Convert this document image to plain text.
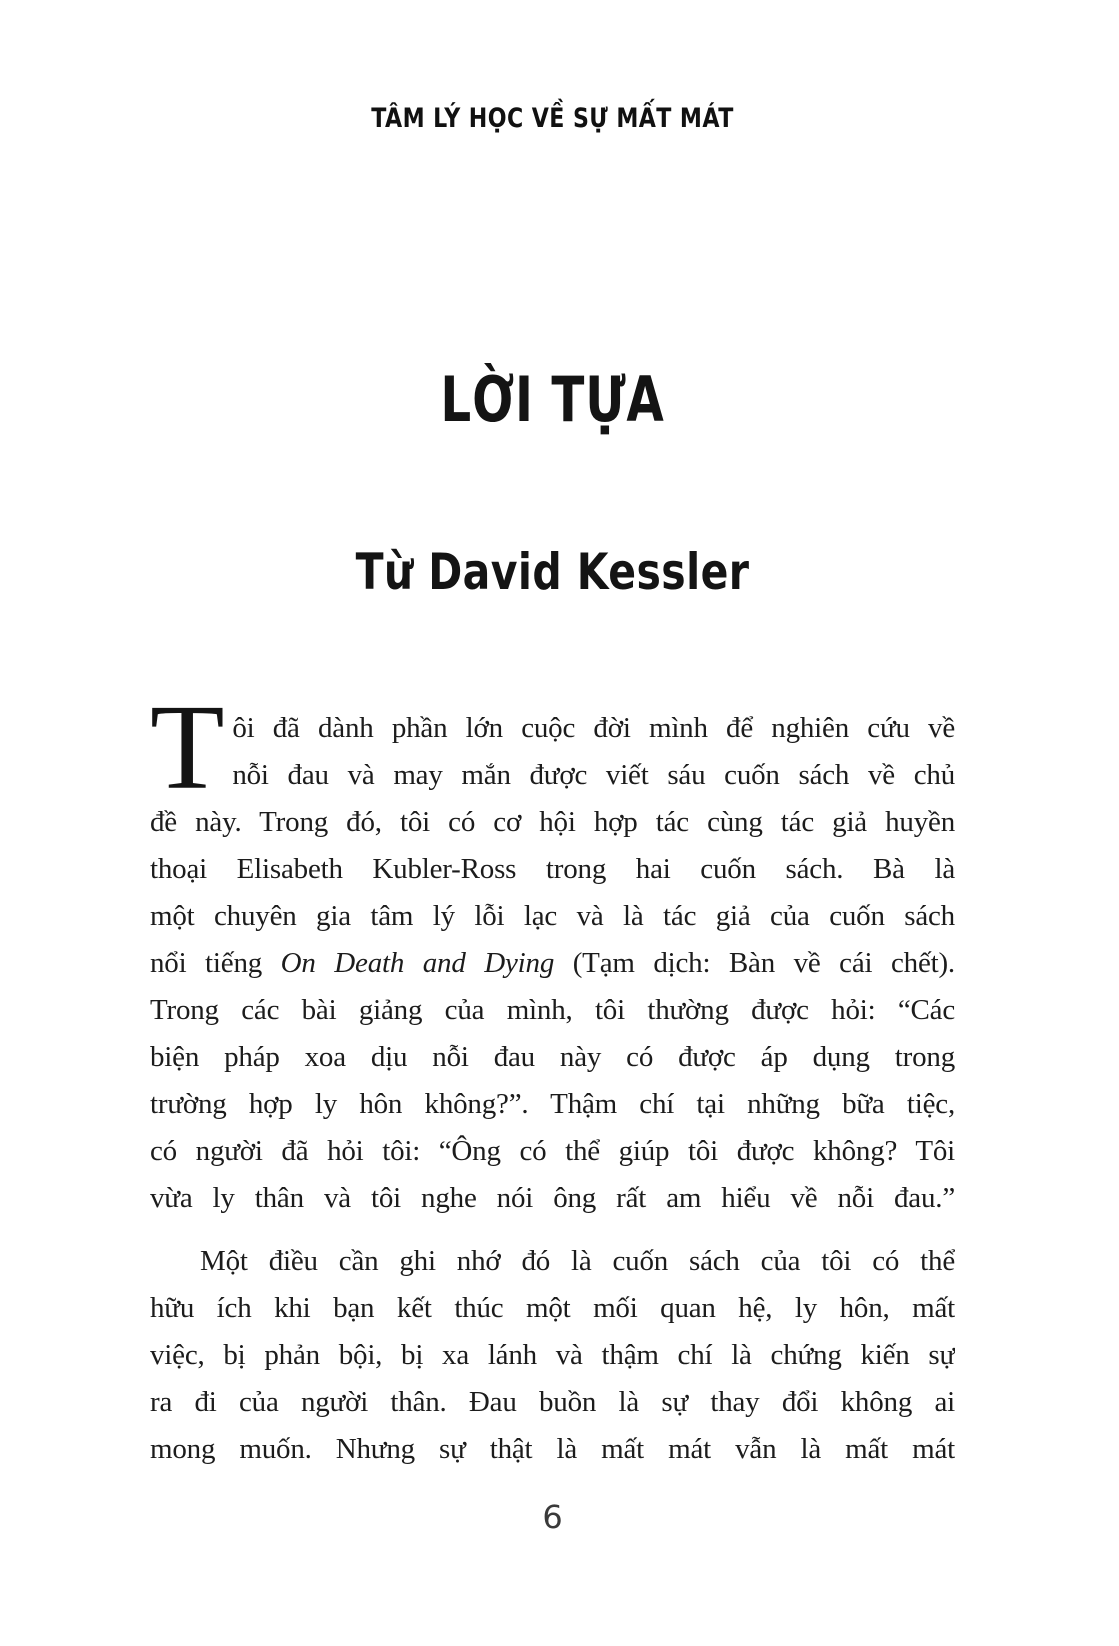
TÂM LÝ HỌC VỀ SỰ MẤT MÁT
LỜI TỰA
Từ David Kessler
T ôi đã dành phần lớn cuộc đời mình để nghiên cứu về
nỗi đau và may mắn được viết sáu cuốn sách về chủ
đề này. Trong đó, tôi có cơ hội hợp tác cùng tác giả huyền
thoại Elisabeth Kubler-Ross trong hai cuốn sách. Bà là
một chuyên gia tâm lý lỗi lạc và là tác giả của cuốn sách
nổi tiếng On Death and Dying (Tạm dịch: Bàn về cái chết).
Trong các bài giảng của mình, tôi thường được hỏi: “Các
biện pháp xoa dịu nỗi đau này có được áp dụng trong
trường hợp ly hôn không?”. Thậm chí tại những bữa tiệc,
có người đã hỏi tôi: “Ông có thể giúp tôi được không? Tôi
vừa ly thân và tôi nghe nói ông rất am hiểu về nỗi đau.”
Một điều cần ghi nhớ đó là cuốn sách của tôi có thể
hữu ích khi bạn kết thúc một mối quan hệ, ly hôn, mất
việc, bị phản bội, bị xa lánh và thậm chí là chứng kiến sự
ra đi của người thân. Đau buồn là sự thay đổi không ai
mong muốn. Nhưng sự thật là mất mát vẫn là mất mát
6
